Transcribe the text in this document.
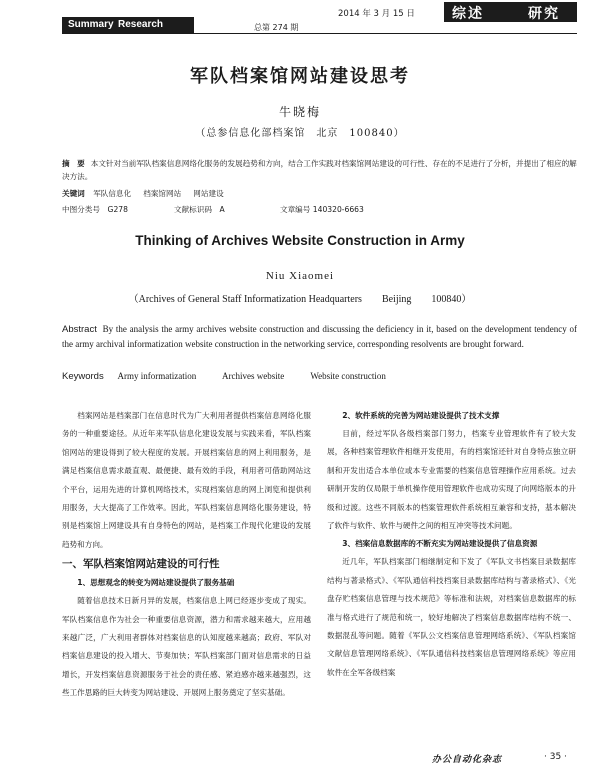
Summary Research	总第 274 期
2014 年 3 月 15 日	综述	研究
军队档案馆网站建设思考
牛晓梅
（总参信息化部档案馆　北京　100840）
摘　要 本文针对当前军队档案信息网络化服务的发展趋势和方向，结合工作实践对档案馆网站建设的可行性、存在的不足进行了分析，并提出了相应的解决方法。
关键词 军队信息化 档案馆网站 网站建设
中图分类号　G278	文献标识码　A	文章编号 140320-6663
Thinking of Archives Website Construction in Army
Niu Xiaomei
（Archives of General Staff Informatization Headquarters　　Beijing　　100840）
Abstract By the analysis the army archives website construction and discussing the deficiency in it, based on the development tendency of the army archival informatization website construction in the networking service, corresponding resolvents are brought forward.
Keywords Army informatization	Archives website	Website construction

档案网站是档案部门在信息时代为广大利用者提供档案信息网络化服务的一种重要途径。从近年来军队信息化建设发展与实践来看，军队档案馆网站的建设得到了较大程度的发展。开展档案信息的网上利用服务，是满足档案信息需求最直观、最便捷、最有效的手段，利用者可借助网站这个平台，运用先进的计算机网络技术，实现档案信息的网上浏览和提供利用服务，大大提高了工作效率。因此，军队档案信息网络化服务建设，特别是档案馆上网建设具有自身特色的网站，是档案工作现代化建设的发展趋势和方向。

一、军队档案馆网站建设的可行性

1、思想观念的转变为网站建设提供了服务基础

随着信息技术日新月异的发展，档案信息上网已经逐步变成了现实。军队档案信息作为社会一种重要信息资源，潜力和需求越来越大，应用越来越广泛，广大利用者群体对档案信息的认知度越来越高；政府、军队对档案信息建设的投入增大、节奏加快；军队档案部门面对信息需求的日益增长，开发档案信息资源服务于社会的责任感、紧迫感亦越来越强烈，这些工作思路的巨大转变为网站建设、开展网上服务奠定了坚实基础。

2、软件系统的完善为网站建设提供了技术支撑

目前，经过军队各级档案部门努力，档案专业管理软件有了较大发展，各种档案管理软件相继开发使用，有的档案馆还针对自身特点独立研制和开发出适合本单位或本专业需要的档案信息管理操作应用系统。过去研制开发的仅局限于单机操作使用管理软件也成功实现了向网络版本的升级和过渡。这些不同版本的档案管理软件系统相互兼容和支持，基本解决了软件与软件、软件与硬件之间的相互冲突等技术问题。

3、档案信息数据库的不断充实为网站建设提供了信息资源

近几年，军队档案部门相继制定和下发了《军队文书档案目录数据库结构与著录格式》、《军队通信科技档案目录数据库结构与著录格式》、《光盘存贮档案信息管理与技术规范》等标准和法规，对档案信息数据库的标准与格式进行了规范和统一，较好地解决了档案信息数据库结构不统一、数据混乱等问题。随着《军队公文档案信息管理网络系统》、《军队档案馆文献信息管理网络系统》、《军队通信科技档案信息管理网络系统》等应用软件在全军各级档案

办公自动化杂志	· 35 ·
